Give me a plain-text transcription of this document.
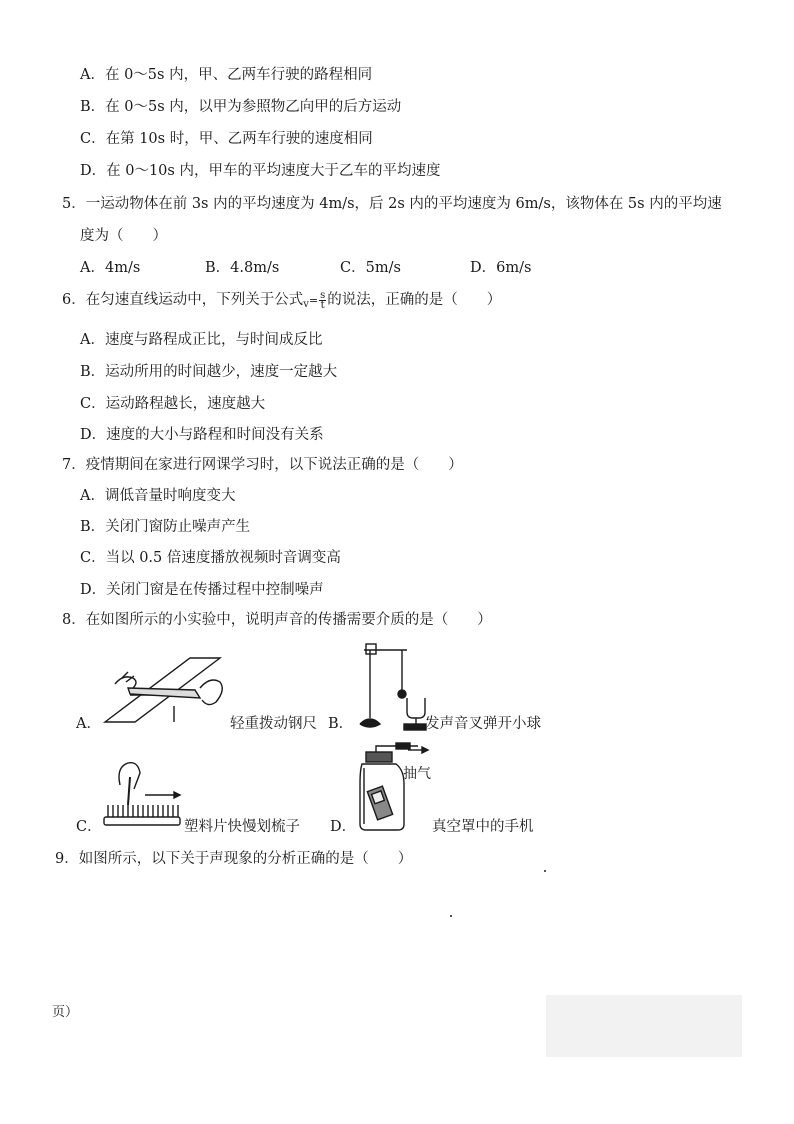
A．在 0～5s 内，甲、乙两车行驶的路程相同
B．在 0～5s 内，以甲为参照物乙向甲的后方运动
C．在第 10s 时，甲、乙两车行驶的速度相同
D．在 0～10s 内，甲车的平均速度大于乙车的平均速度
5．一运动物体在前 3s 内的平均速度为 4m/s，后 2s 内的平均速度为 6m/s，该物体在 5s 内的平均速
度为（　　）
A．4m/s	B．4.8m/s	C．5m/s	D．6m/s
6．在匀速直线运动中，下列关于公式$_v= \frac{s}{t}$ 的说法，正确的是（　　）
A．速度与路程成正比，与时间成反比
B．运动所用的时间越少，速度一定越大
C．运动路程越长，速度越大
D．速度的大小与路程和时间没有关系
7．疫情期间在家进行网课学习时，以下说法正确的是（　　）
A．调低音量时响度变大
B．关闭门窗防止噪声产生
C．当以 0.5 倍速度播放视频时音调变高
D．关闭门窗是在传播过程中控制噪声
8．在如图所示的小实验中，说明声音的传播需要介质的是（　　）
A．	轻重拨动钢尺 B．	发声音叉弹开小球
C．	塑料片快慢划梳子 D．
抽气
真空罩中的手机
9．如图所示，以下关于声现象的分析正确的是（　　）
页）
